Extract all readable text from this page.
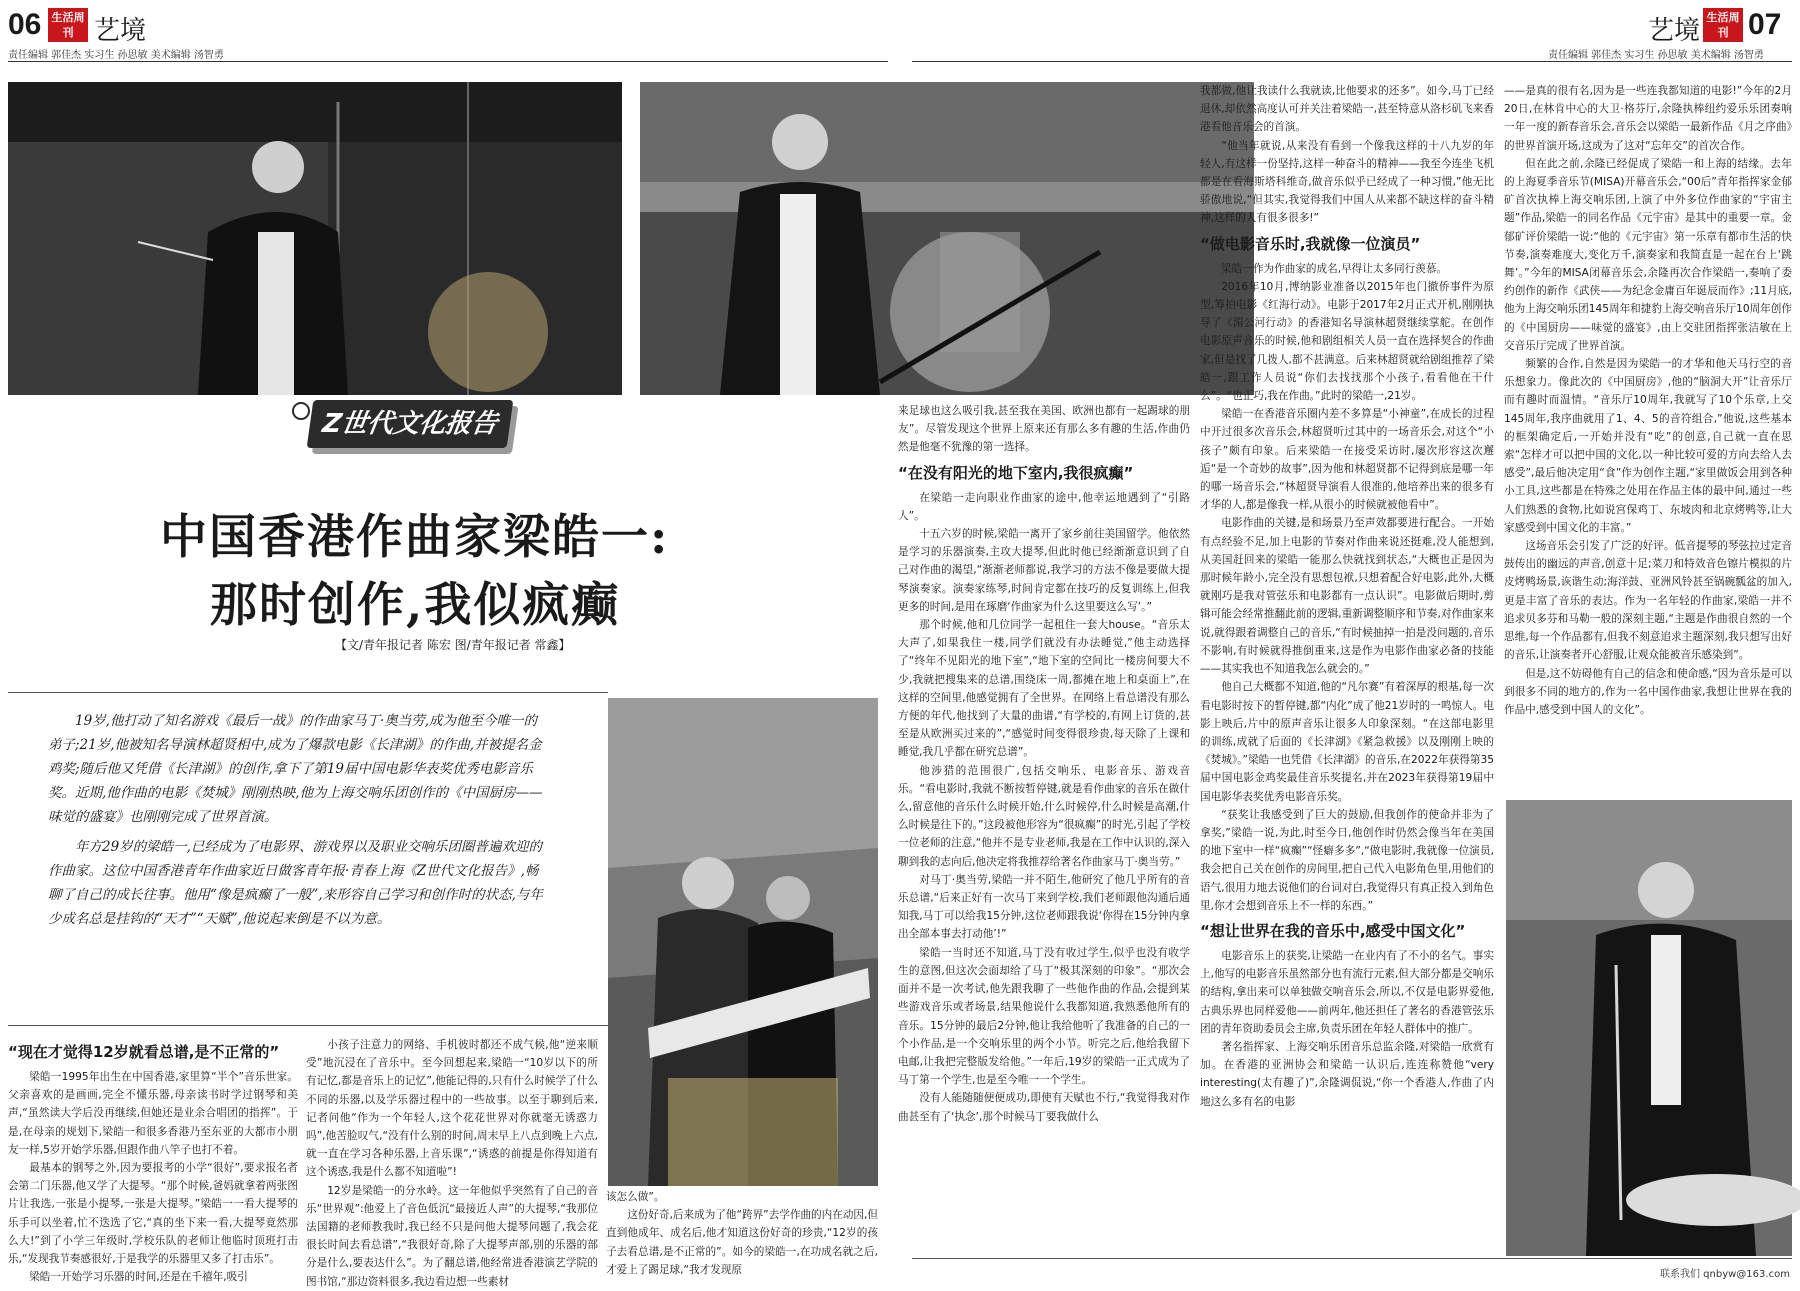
06 生活周刊 艺境
责任编辑 郭佳杰 实习生 孙思敏 美术编辑 汤智勇
艺境 生活周刊 07
责任编辑 郭佳杰 实习生 孙思敏 美术编辑 汤智勇
Z世代文化报告
中国香港作曲家梁皓一:
那时创作,我似疯癫
【文/青年报记者 陈宏 图/青年报记者 常鑫】

19岁,他打动了知名游戏《最后一战》的作曲家马丁·奥当劳,成为他至今唯一的弟子;21岁,他被知名导演林超贤相中,成为了爆款电影《长津湖》的作曲,并被提名金鸡奖;随后他又凭借《长津湖》的创作,拿下了第19届中国电影华表奖优秀电影音乐奖。近期,他作曲的电影《焚城》刚刚热映,他为上海交响乐团创作的《中国厨房——味觉的盛宴》也刚刚完成了世界首演。

年方29岁的梁皓一,已经成为了电影界、游戏界以及职业交响乐团圈普遍欢迎的作曲家。这位中国香港青年作曲家近日做客青年报·青春上海《Z世代文化报告》,畅聊了自己的成长往事。他用“像是疯癫了一般”,来形容自己学习和创作时的状态,与年少成名总是挂钩的“天才”“天赋”,他说起来倒是不以为意。

“现在才觉得12岁就看总谱,是不正常的”

梁皓一1995年出生在中国香港,家里算“半个”音乐世家。父亲喜欢的是画画,完全不懂乐器,母亲读书时学过钢琴和美声,“虽然读大学后没再继续,但她还是业余合唱团的指挥”。于是,在母亲的规划下,梁皓一和很多香港乃至东亚的大都市小朋友一样,5岁开始学乐器,但跟作曲八竿子也打不着。

最基本的钢琴之外,因为要报考的小学“很好”,要求报名者会第二门乐器,他又学了大提琴。“那个时候,爸妈就拿着两张图片让我选,一张是小提琴,一张是大提琴。”梁皓一一看大提琴的乐手可以坐着,忙不迭选了它,“真的坐下来一看,大提琴竟然那么大!”到了小学三年级时,学校乐队的老师让他临时顶班打击乐,“发现我节奏感很好,于是我学的乐器里又多了打击乐”。

梁皓一开始学习乐器的时间,还是在千禧年,吸引

小孩子注意力的网络、手机彼时都还不成气候,他“逆来顺受”地沉浸在了音乐中。至今回想起来,梁皓一“10岁以下的所有记忆,都是音乐上的记忆”,他能记得的,只有什么时候学了什么不同的乐器,以及学乐器过程中的一些故事。以至于聊到后来,记者问他“作为一个年轻人,这个花花世界对你就毫无诱惑力吗”,他苦脸叹气,“没有什么别的时间,周末早上八点到晚上六点,就一直在学习各种乐器,上音乐课”,“诱惑的前提是你得知道有这个诱惑,我是什么都不知道啦”!

12岁是梁皓一的分水岭。这一年他似乎突然有了自己的音乐“世界观”:他爱上了音色低沉“最接近人声”的大提琴,“我那位法国籍的老师教我时,我已经不只是问他大提琴问题了,我会花很长时间去看总谱”,“我很好奇,除了大提琴声部,别的乐器的部分是什么,要表达什么”。为了翻总谱,他经常进香港演艺学院的图书馆,“那边资料很多,我边看边想一些素材

该怎么做”。

这份好奇,后来成为了他“跨界”去学作曲的内在动因,但直到他成年、成名后,他才知道这份好奇的珍贵,“12岁的孩子去看总谱,是不正常的”。如今的梁皓一,在功成名就之后,才爱上了踢足球,“我才发现原

来足球也这么吸引我,甚至我在美国、欧洲也都有一起踢球的朋友”。尽管发现这个世界上原来还有那么多有趣的生活,作曲仍然是他毫不犹豫的第一选择。

“在没有阳光的地下室内,我很疯癫”

在梁皓一走向职业作曲家的途中,他幸运地遇到了“引路人”。

十五六岁的时候,梁皓一离开了家乡前往美国留学。他依然是学习的乐器演奏,主攻大提琴,但此时他已经渐渐意识到了自己对作曲的渴望,“渐渐老师都说,我学习的方法不像是要做大提琴演奏家。演奏家练琴,时间肯定都在技巧的反复训练上,但我更多的时间,是用在琢磨‘作曲家为什么这里要这么写’。”

那个时候,他和几位同学一起租住一套大house。“音乐太大声了,如果我住一楼,同学们就没有办法睡觉,”他主动选择了“终年不见阳光的地下室”,“地下室的空间比一楼房间要大不少,我就把搜集来的总谱,围绕床一周,都摊在地上和桌面上”,在这样的空间里,他感觉拥有了全世界。在网络上看总谱没有那么方便的年代,他找到了大量的曲谱,“有学校的,有网上订货的,甚至是从欧洲买过来的”,“感觉时间变得很珍贵,每天除了上课和睡觉,我几乎都在研究总谱”。

他涉猎的范围很广,包括交响乐、电影音乐、游戏音乐。“看电影时,我就不断按暂停键,就是看作曲家的音乐在做什么,留意他的音乐什么时候开始,什么时候停,什么时候是高潮,什么时候是往下的。”这段被他形容为“很疯癫”的时光,引起了学校一位老师的注意,“他并不是专业老师,我是在工作中认识的,深入聊到我的志向后,他决定将我推荐给著名作曲家马丁·奥当劳。”

对马丁·奥当劳,梁皓一并不陌生,他研究了他几乎所有的音乐总谱,“后来正好有一次马丁来到学校,我们老师跟他沟通后通知我,马丁可以给我15分钟,这位老师跟我说‘你得在15分钟内拿出全部本事去打动他’!”

梁皓一当时还不知道,马丁没有收过学生,似乎也没有收学生的意图,但这次会面却给了马丁“极其深刻的印象”。“那次会面并不是一次考试,他先跟我聊了一些他作曲的作品,会提到某些游戏音乐或者场景,结果他说什么我都知道,我熟悉他所有的音乐。15分钟的最后2分钟,他让我给他听了我准备的自己的一个小作品,是一个交响乐里的两个小节。听完之后,他给我留下电邮,让我把完整版发给他。”一年后,19岁的梁皓一正式成为了马丁第一个学生,也是至今唯一一个学生。

没有人能随随便便成功,即使有天赋也不行,“我觉得我对作曲甚至有了‘执念’,那个时候马丁要我做什么

我都做,他让我读什么我就读,比他要求的还多”。如今,马丁已经退休,却依然高度认可并关注着梁皓一,甚至特意从洛杉矶飞来香港看他音乐会的首演。

“他当年就说,从来没有看到一个像我这样的十八九岁的年轻人,有这样一份坚持,这样一种奋斗的精神——我至今连坐飞机都是在看海斯塔科维奇,做音乐似乎已经成了一种习惯,”他无比骄傲地说,“但其实,我觉得我们中国人从来都不缺这样的奋斗精神,这样的人有很多很多!”

“做电影音乐时,我就像一位演员”

梁皓一作为作曲家的成名,早得让太多同行羡慕。

2016年10月,博纳影业准备以2015年也门撤侨事件为原型,筹拍电影《红海行动》。电影于2017年2月正式开机,刚刚执导了《湄公河行动》的香港知名导演林超贤继续掌舵。在创作电影原声音乐的时候,他和剧组相关人员一直在选择契合的作曲家,但是找了几拨人,都不甚满意。后来林超贤就给剧组推荐了梁皓一,跟工作人员说“你们去找找那个小孩子,看看他在干什么”。“也正巧,我在作曲。”此时的梁皓一,21岁。

梁皓一在香港音乐圈内差不多算是“小神童”,在成长的过程中开过很多次音乐会,林超贤听过其中的一场音乐会,对这个“小孩子”颇有印象。后来梁皓一在接受采访时,屡次形容这次邂逅“是一个奇妙的故事”,因为他和林超贤都不记得到底是哪一年的哪一场音乐会,“林超贤导演看人很准的,他培养出来的很多有才华的人,都是像我一样,从很小的时候就被他看中”。

电影作曲的关键,是和场景乃至声效都要进行配合。一开始有点经验不足,加上电影的节奏对作曲来说还挺难,没人能想到,从美国赶回来的梁皓一能那么快就找到状态,“大概也正是因为那时候年龄小,完全没有思想包袱,只想着配合好电影,此外,大概就刚巧是我对管弦乐和电影都有一点认识”。电影做后期时,剪辑可能会经常推翻此前的逻辑,重新调整顺序和节奏,对作曲家来说,就得跟着调整自己的音乐,“有时候抽掉一拍是没问题的,音乐不影响,有时候就得推倒重来,这是作为电影作曲家必备的技能——其实我也不知道我怎么就会的。”

他自己大概都不知道,他的“凡尔赛”有着深厚的根基,每一次看电影时按下的暂停键,都“内化”成了他21岁时的一鸣惊人。电影上映后,片中的原声音乐让很多人印象深刻。“在这部电影里的训练,成就了后面的《长津湖》《紧急救援》以及刚刚上映的《焚城》。”梁皓一也凭借《长津湖》的音乐,在2022年获得第35届中国电影金鸡奖最佳音乐奖提名,并在2023年获得第19届中国电影华表奖优秀电影音乐奖。

“获奖让我感受到了巨大的鼓励,但我创作的使命并非为了拿奖,”梁皓一说,为此,时至今日,他创作时仍然会像当年在美国的地下室中一样“疯癫”“怪癖多多”,“做电影时,我就像一位演员,我会把自己关在创作的房间里,把自己代入电影角色里,用他们的语气,很用力地去说他们的台词对白,我觉得只有真正投入到角色里,你才会想到音乐上不一样的东西。”

“想让世界在我的音乐中,感受中国文化”

电影音乐上的获奖,让梁皓一在业内有了不小的名气。事实上,他写的电影音乐虽然部分也有流行元素,但大部分都是交响乐的结构,拿出来可以单独做交响音乐会,所以,不仅是电影界爱他,古典乐界也同样爱他——前两年,他还担任了著名的香港管弦乐团的青年资助委员会主席,负责乐团在年轻人群体中的推广。

著名指挥家、上海交响乐团音乐总监余隆,对梁皓一欣赏有加。在香港的亚洲协会和梁皓一认识后,连连称赞他“very interesting(太有趣了)”,余隆调侃说,“你一个香港人,作曲了内地这么多有名的电影

——是真的很有名,因为是一些连我都知道的电影!”今年的2月20日,在林肯中心的大卫·格芬厅,余隆执棒纽约爱乐乐团奏响一年一度的新春音乐会,音乐会以梁皓一最新作品《月之序曲》的世界首演开场,这成为了这对“忘年交”的首次合作。

但在此之前,余隆已经促成了梁皓一和上海的结缘。去年的上海夏季音乐节(MISA)开幕音乐会,“00后”青年指挥家金郁矿首次执棒上海交响乐团,上演了中外多位作曲家的“宇宙主题”作品,梁皓一的同名作品《元宇宙》是其中的重要一章。金郁矿评价梁皓一说:“他的《元宇宙》第一乐章有都市生活的快节奏,演奏难度大,变化万千,演奏家和我简直是一起在台上‘跳舞’。”今年的MISA闭幕音乐会,余隆再次合作梁皓一,奏响了委约创作的新作《武侠——为纪念金庸百年诞辰而作》;11月底,他为上海交响乐团145周年和捷豹上海交响音乐厅10周年创作的《中国厨房——味觉的盛宴》,由上交驻团指挥张洁敏在上交音乐厅完成了世界首演。

频繁的合作,自然是因为梁皓一的才华和他天马行空的音乐想象力。像此次的《中国厨房》,他的“脑洞大开”让音乐厅而有趣时而温情。“音乐厅10周年,我就写了10个乐章,上交145周年,我序曲就用了1、4、5的音符组合,”他说,这些基本的框架确定后,一开始并没有“吃”的创意,自己就一直在思索“怎样才可以把中国的文化,以一种比较可爱的方向去给人去感受”,最后他决定用“食”作为创作主题,“家里做饭会用到各种小工具,这些都是在特殊之处用在作品主体的最中间,通过一些人们熟悉的食物,比如说宫保鸡丁、东坡肉和北京烤鸭等,让大家感受到中国文化的丰富。”

这场音乐会引发了广泛的好评。低音提琴的琴弦拉过定音鼓传出的幽远的声音,创意十足;菜刀和特效音色镲片模拟的片皮烤鸭场景,诙谐生动;海洋鼓、亚洲风铃甚至锅碗瓢盆的加入,更是丰富了音乐的表达。作为一名年轻的作曲家,梁皓一并不追求贝多芬和马勒一般的深刻主题,“主题是作曲很自然的一个思维,每一个作品都有,但我不刻意追求主题深刻,我只想写出好的音乐,让演奏者开心舒服,让观众能被音乐感染到”。

但是,这不妨碍他有自己的信念和使命感,“因为音乐是可以到很多不同的地方的,作为一名中国作曲家,我想让世界在我的作品中,感受到中国人的文化”。

联系我们 qnbyw@163.com
